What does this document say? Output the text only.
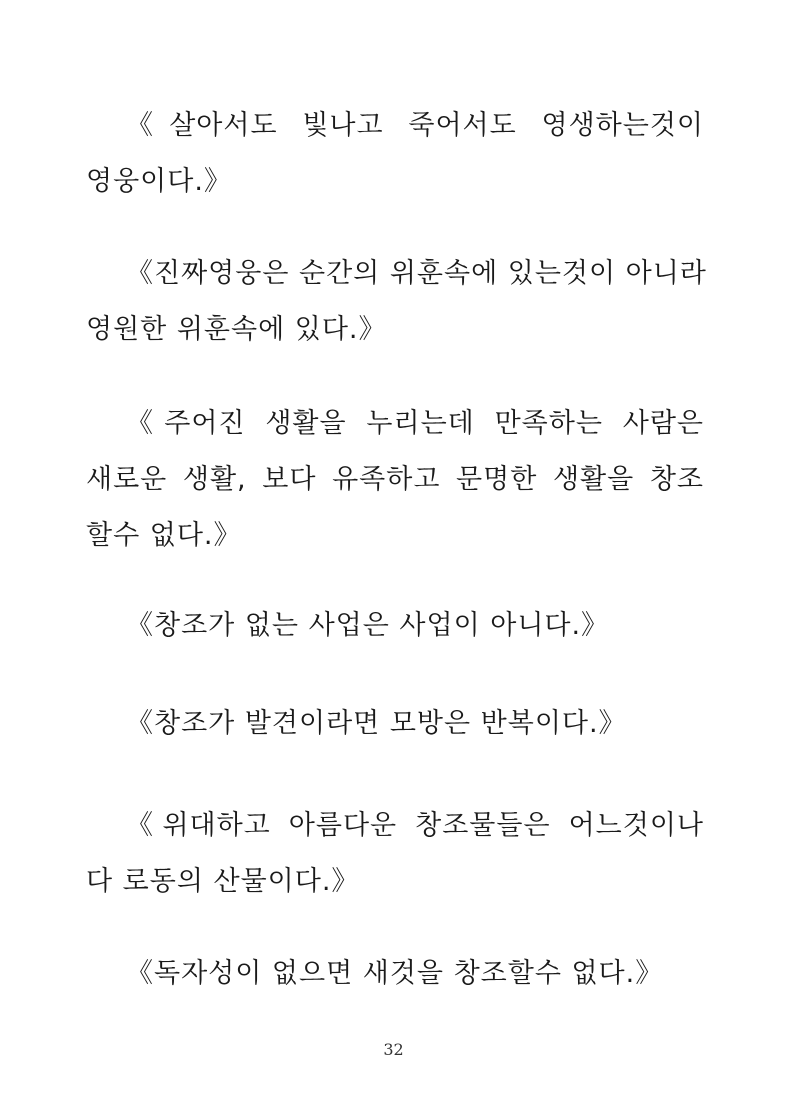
《살아서도 빛나고 죽어서도 영생하는것이
영웅이다.》
《진짜영웅은 순간의 위훈속에 있는것이 아니라
영원한 위훈속에 있다.》
《주어진 생활을 누리는데 만족하는 사람은
새로운 생활, 보다 유족하고 문명한 생활을 창조
할수 없다.》
《창조가 없는 사업은 사업이 아니다.》
《창조가 발견이라면 모방은 반복이다.》
《위대하고 아름다운 창조물들은 어느것이나
다 로동의 산물이다.》
《독자성이 없으면 새것을 창조할수 없다.》
32
